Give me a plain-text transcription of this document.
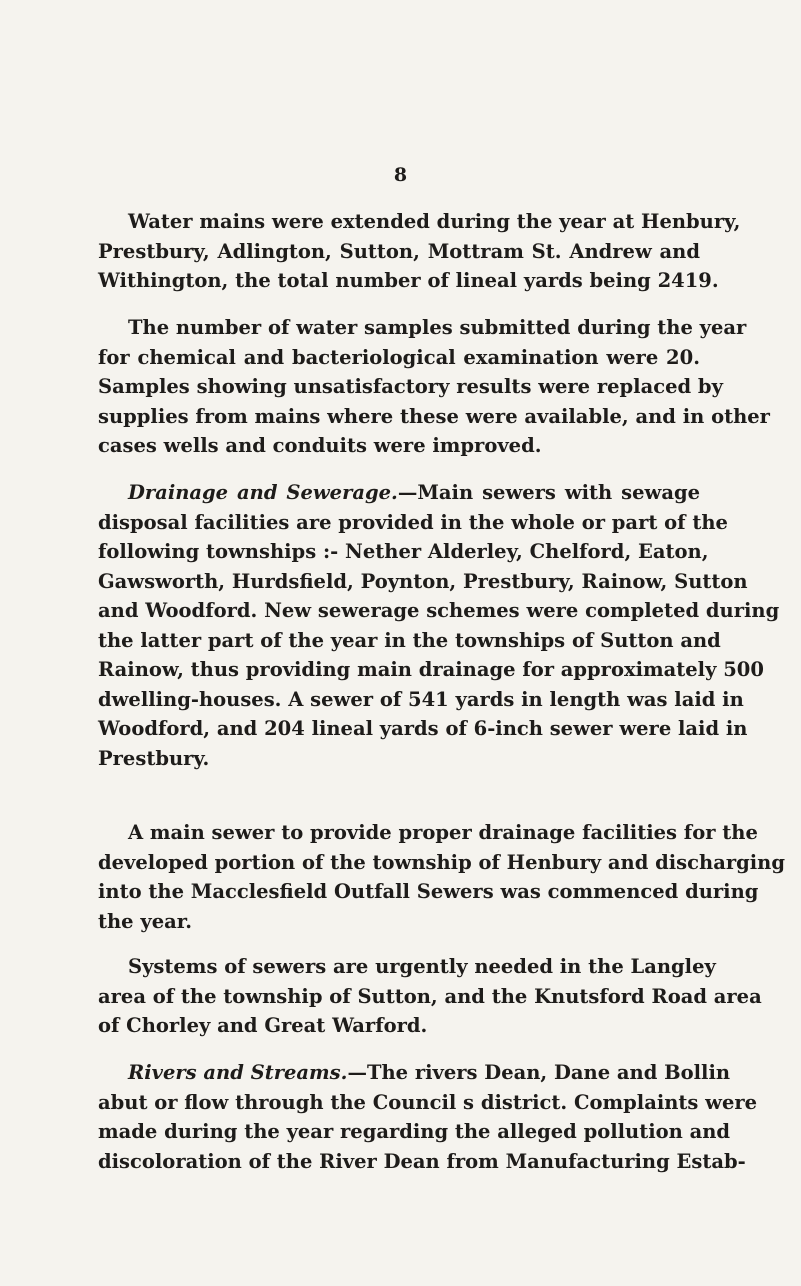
8
Water mains were extended during the year at Henbury,
Prestbury, Adlington, Sutton, Mottram St. Andrew and
Withington, the total number of lineal yards being 2419.
The number of water samples submitted during the year
for chemical and bacteriological examination were 20.
Samples showing unsatisfactory results were replaced by
supplies from mains where these were available, and in other
cases wells and conduits were improved.
Drainage and Sewerage.—Main sewers with sewage
disposal facilities are provided in the whole or part of the
following townships :- Nether Alderley, Chelford, Eaton,
Gawsworth, Hurdsfield, Poynton, Prestbury, Rainow, Sutton
and Woodford. New sewerage schemes were completed during
the latter part of the year in the townships of Sutton and
Rainow, thus providing main drainage for approximately 500
dwelling-houses. A sewer of 541 yards in length was laid in
Woodford, and 204 lineal yards of 6-inch sewer were laid in
Prestbury.
A main sewer to provide proper drainage facilities for the
developed portion of the township of Henbury and discharging
into the Macclesfield Outfall Sewers was commenced during
the year.
Systems of sewers are urgently needed in the Langley
area of the township of Sutton, and the Knutsford Road area
of Chorley and Great Warford.
Rivers and Streams.—The rivers Dean, Dane and Bollin
abut or flow through the Council s district. Complaints were
made during the year regarding the alleged pollution and
discoloration of the River Dean from Manufacturing Estab-
